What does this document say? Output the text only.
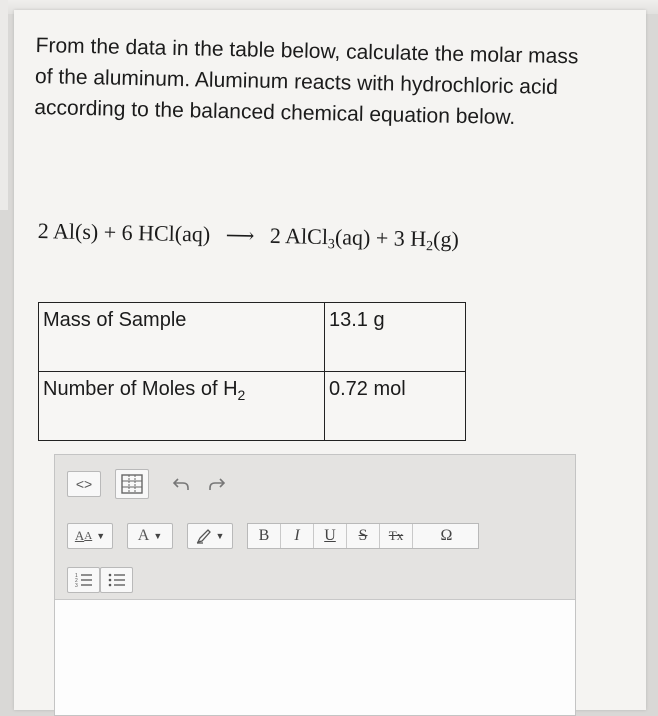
From the data in the table below, calculate the molar mass of the aluminum. Aluminum reacts with hydrochloric acid according to the balanced chemical equation below.
2 Al(s) + 6 HCl(aq) ⟶ 2 AlCl$_3$(aq) + 3 $H_2(g)$
Mass of Sample	13.1 g
Number of Moles of $H_2$	0.72 mol
<>
A A ▼ A ▼	▼	B	I	U	S	Tx	Ω
1
2
3
